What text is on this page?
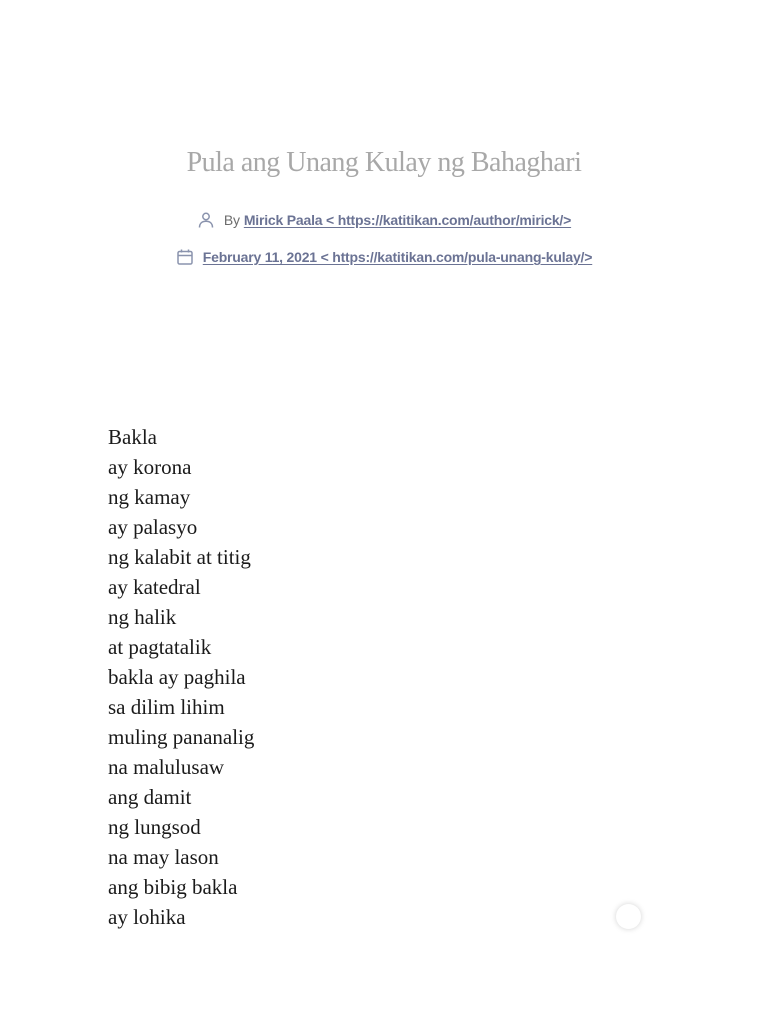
Pula ang Unang Kulay ng Bahaghari
By Mirick Paala < https://katitikan.com/author/mirick/>
February 11, 2021 < https://katitikan.com/pula-unang-kulay/>
Bakla
ay korona
ng kamay
ay palasyo
ng kalabit at titig
ay katedral
ng halik
at pagtatalik
bakla ay paghila
sa dilim lihim
muling pananalig
na malulusaw
ang damit
ng lungsod
na may lason
ang bibig bakla
ay lohika
